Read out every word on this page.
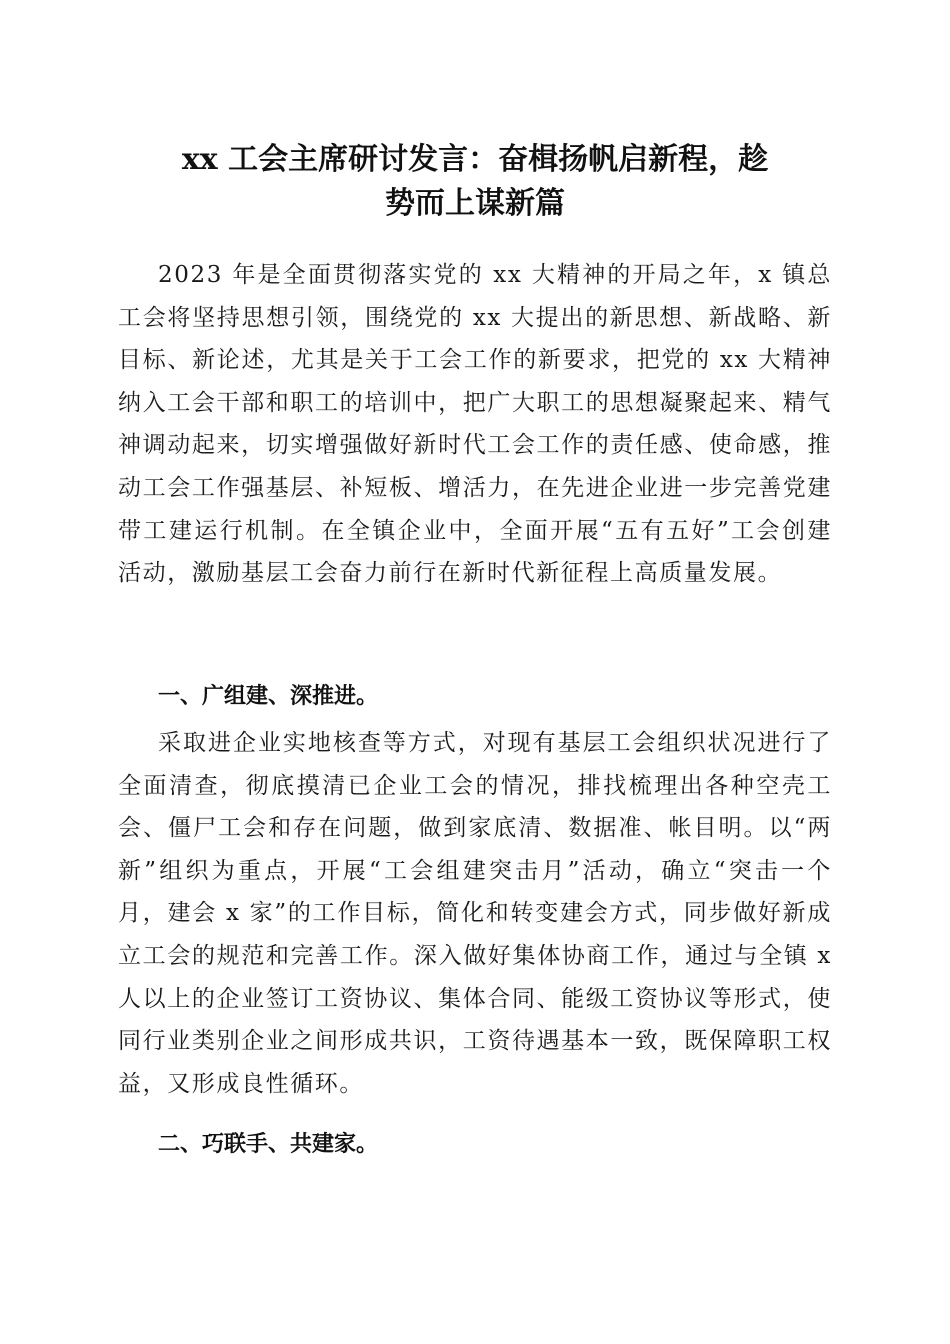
xx 工会主席研讨发言：奋楫扬帆启新程，趁
势而上谋新篇

2023 年是全面贯彻落实党的 xx 大精神的开局之年，x 镇总工会将坚持思想引领，围绕党的 xx 大提出的新思想、新战略、新目标、新论述，尤其是关于工会工作的新要求，把党的 xx 大精神纳入工会干部和职工的培训中，把广大职工的思想凝聚起来、精气神调动起来，切实增强做好新时代工会工作的责任感、使命感，推动工会工作强基层、补短板、增活力，在先进企业进一步完善党建带工建运行机制。在全镇企业中，全面开展“五有五好”工会创建活动，激励基层工会奋力前行在新时代新征程上高质量发展。

一、广组建、深推进。

采取进企业实地核查等方式，对现有基层工会组织状况进行了全面清查，彻底摸清已企业工会的情况，排找梳理出各种空壳工会、僵尸工会和存在问题，做到家底清、数据准、帐目明。以“两新”组织为重点，开展“工会组建突击月”活动，确立“突击一个月，建会 x 家”的工作目标，简化和转变建会方式，同步做好新成立工会的规范和完善工作。深入做好集体协商工作，通过与全镇 x 人以上的企业签订工资协议、集体合同、能级工资协议等形式，使同行业类别企业之间形成共识，工资待遇基本一致，既保障职工权益，又形成良性循环。

二、巧联手、共建家。
